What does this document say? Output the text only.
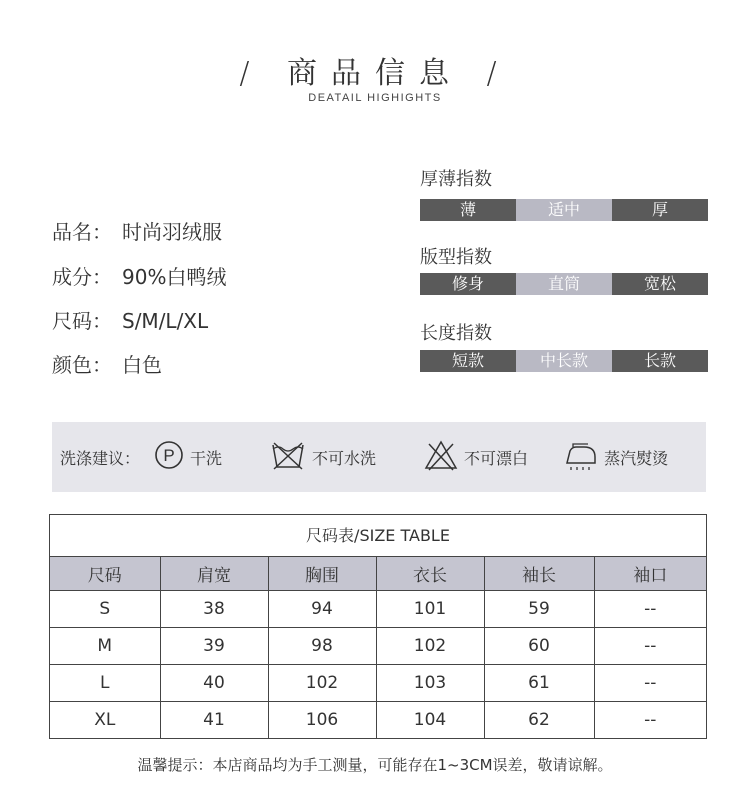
/ 商品信息 /
DEATAIL HIGHIGHTS
品名： 时尚羽绒服
成分： 90%白鸭绒
尺码： S/M/L/XL
颜色： 白色
厚薄指数
薄	适中	厚
版型指数
修身	直筒	宽松
长度指数
短款	中长款	长款
洗涤建议： P 干洗	不可水洗	不可漂白	蒸汽熨烫
尺码表/SIZE TABLE
尺码	肩宽	胸围	衣长	袖长	袖口
S	38	94	101	59	--
M	39	98	102	60	--
L	40	102	103	61	--
XL	41	106	104	62	--
温馨提示：本店商品均为手工测量，可能存在1~3CM误差，敬请谅解。
